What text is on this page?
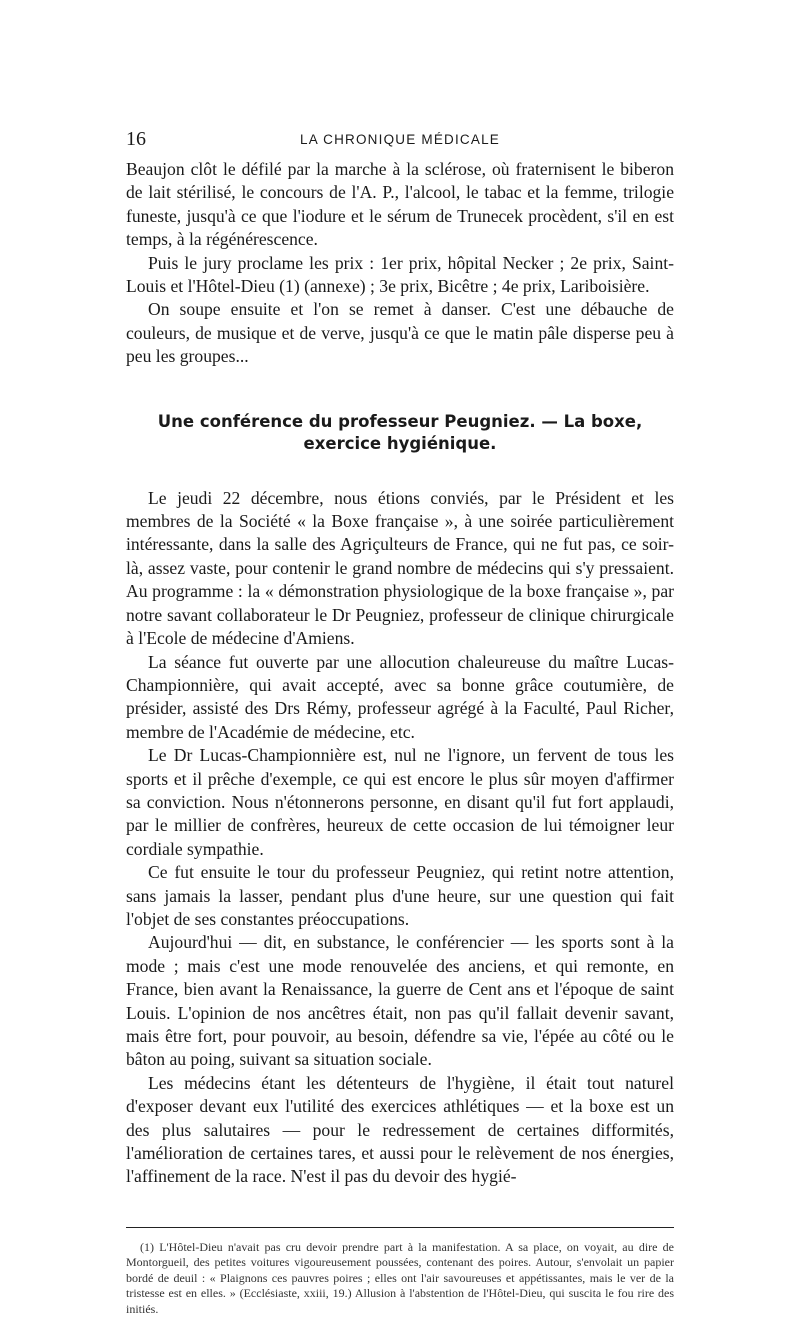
16	LA CHRONIQUE MÉDICALE

Beaujon clôt le défilé par la marche à la sclérose, où fraternisent le biberon de lait stérilisé, le concours de l'A. P., l'alcool, le tabac et la femme, trilogie funeste, jusqu'à ce que l'iodure et le sérum de Trunecek procèdent, s'il en est temps, à la régénérescence.

Puis le jury proclame les prix : 1er prix, hôpital Necker ; 2e prix, Saint-Louis et l'Hôtel-Dieu (1) (annexe) ; 3e prix, Bicêtre ; 4e prix, Lariboisière.

On soupe ensuite et l'on se remet à danser. C'est une débauche de couleurs, de musique et de verve, jusqu'à ce que le matin pâle disperse peu à peu les groupes...

Une conférence du professeur Peugniez. — La boxe, exercice hygiénique.

Le jeudi 22 décembre, nous étions conviés, par le Président et les membres de la Société « la Boxe française », à une soirée particulièrement intéressante, dans la salle des Agriçulteurs de France, qui ne fut pas, ce soir-là, assez vaste, pour contenir le grand nombre de médecins qui s'y pressaient. Au programme : la « démonstration physiologique de la boxe française », par notre savant collaborateur le Dr Peugniez, professeur de clinique chirurgicale à l'Ecole de médecine d'Amiens.

La séance fut ouverte par une allocution chaleureuse du maître Lucas-Championnière, qui avait accepté, avec sa bonne grâce coutumière, de présider, assisté des Drs Rémy, professeur agrégé à la Faculté, Paul Richer, membre de l'Académie de médecine, etc.

Le Dr Lucas-Championnière est, nul ne l'ignore, un fervent de tous les sports et il prêche d'exemple, ce qui est encore le plus sûr moyen d'affirmer sa conviction. Nous n'étonnerons personne, en disant qu'il fut fort applaudi, par le millier de confrères, heureux de cette occasion de lui témoigner leur cordiale sympathie.

Ce fut ensuite le tour du professeur Peugniez, qui retint notre attention, sans jamais la lasser, pendant plus d'une heure, sur une question qui fait l'objet de ses constantes préoccupations.

Aujourd'hui — dit, en substance, le conférencier — les sports sont à la mode ; mais c'est une mode renouvelée des anciens, et qui remonte, en France, bien avant la Renaissance, la guerre de Cent ans et l'époque de saint Louis. L'opinion de nos ancêtres était, non pas qu'il fallait devenir savant, mais être fort, pour pouvoir, au besoin, défendre sa vie, l'épée au côté ou le bâton au poing, suivant sa situation sociale.

Les médecins étant les détenteurs de l'hygiène, il était tout naturel d'exposer devant eux l'utilité des exercices athlétiques — et la boxe est un des plus salutaires — pour le redressement de certaines difformités, l'amélioration de certaines tares, et aussi pour le relèvement de nos énergies, l'affinement de la race. N'est il pas du devoir des hygié-

(1) L'Hôtel-Dieu n'avait pas cru devoir prendre part à la manifestation. A sa place, on voyait, au dire de Montorgueil, des petites voitures vigoureusement poussées, contenant des poires. Autour, s'envolait un papier bordé de deuil : « Plaignons ces pauvres poires ; elles ont l'air savoureuses et appétissantes, mais le ver de la tristesse est en elles. » (Ecclésiaste, xxiii, 19.) Allusion à l'abstention de l'Hôtel-Dieu, qui suscita le fou rire des initiés.
